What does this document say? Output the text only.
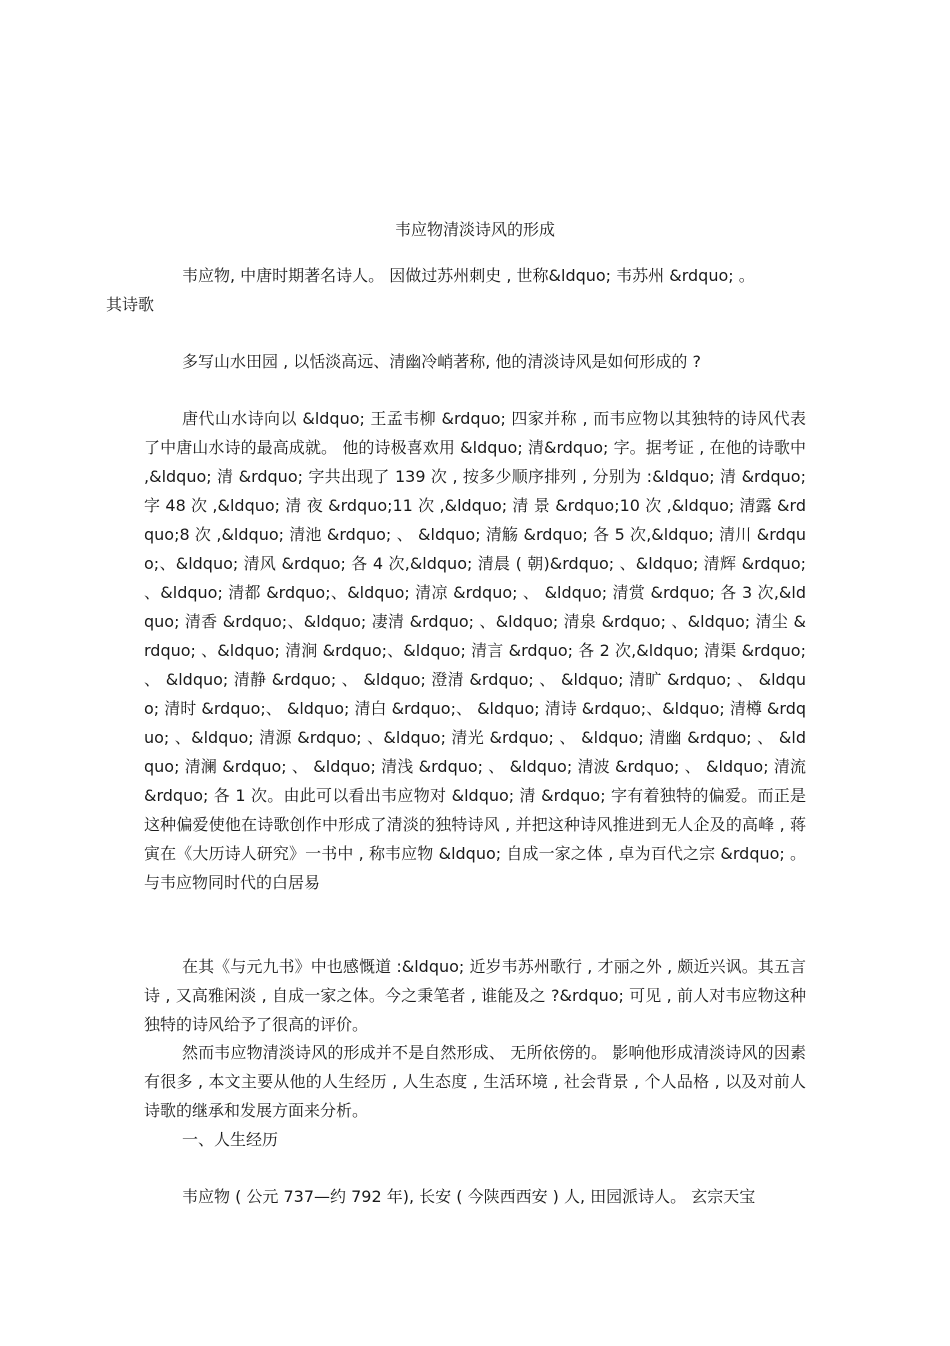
韦应物清淡诗风的形成
韦应物, 中唐时期著名诗人。 因做过苏州刺史 , 世称&ldquo; 韦苏州 &rdquo; 。
其诗歌
多写山水田园 , 以恬淡高远、清幽冷峭著称, 他的清淡诗风是如何形成的 ?
唐代山水诗向以 &ldquo; 王孟韦柳 &rdquo; 四家并称 , 而韦应物以其独特的诗风代表了中唐山水诗的最高成就。 他的诗极喜欢用 &ldquo; 清&rdquo; 字。据考证 , 在他的诗歌中 ,&ldquo; 清 &rdquo; 字共出现了 139 次 , 按多少顺序排列 , 分别为 :&ldquo; 清 &rdquo; 字 48 次 ,&ldquo; 清 夜 &rdquo;11 次 ,&ldquo; 清 景 &rdquo;10 次 ,&ldquo; 清露 &rdquo;8 次 ,&ldquo; 清池 &rdquo; 、 &ldquo; 清觞 &rdquo; 各 5 次,&ldquo; 清川 &rdquo;、&ldquo; 清风 &rdquo; 各 4 次,&ldquo; 清晨 ( 朝)&rdquo; 、&ldquo; 清辉 &rdquo; 、&ldquo; 清都 &rdquo;、&ldquo; 清凉 &rdquo; 、 &ldquo; 清赏 &rdquo; 各 3 次,&ldquo; 清香 &rdquo;、&ldquo; 凄清 &rdquo; 、&ldquo; 清泉 &rdquo; 、&ldquo; 清尘 &rdquo; 、&ldquo; 清涧 &rdquo;、&ldquo; 清言 &rdquo; 各 2 次,&ldquo; 清渠 &rdquo; 、 &ldquo; 清静 &rdquo; 、 &ldquo; 澄清 &rdquo; 、 &ldquo; 清旷 &rdquo; 、 &ldquo; 清时 &rdquo;、 &ldquo; 清白 &rdquo;、 &ldquo; 清诗 &rdquo;、&ldquo; 清樽 &rdquo; 、&ldquo; 清源 &rdquo; 、&ldquo; 清光 &rdquo; 、 &ldquo; 清幽 &rdquo; 、 &ldquo; 清澜 &rdquo; 、 &ldquo; 清浅 &rdquo; 、 &ldquo; 清波 &rdquo; 、 &ldquo; 清流 &rdquo; 各 1 次。由此可以看出韦应物对 &ldquo; 清 &rdquo; 字有着独特的偏爱。而正是这种偏爱使他在诗歌创作中形成了清淡的独特诗风 , 并把这种诗风推进到无人企及的高峰 , 蒋寅在《大历诗人研究》一书中 , 称韦应物 &ldquo; 自成一家之体 , 卓为百代之宗 &rdquo; 。与韦应物同时代的白居易
在其《与元九书》中也感慨道 :&ldquo; 近岁韦苏州歌行 , 才丽之外 , 颇近兴讽。其五言诗 , 又高雅闲淡 , 自成一家之体。今之秉笔者 , 谁能及之 ?&rdquo; 可见 , 前人对韦应物这种独特的诗风给予了很高的评价。
然而韦应物清淡诗风的形成并不是自然形成、 无所依傍的。 影响他形成清淡诗风的因素有很多 , 本文主要从他的人生经历 , 人生态度 , 生活环境 , 社会背景 , 个人品格 , 以及对前人诗歌的继承和发展方面来分析。
一、人生经历
韦应物 ( 公元 737—约 792 年), 长安 ( 今陕西西安 ) 人, 田园派诗人。 玄宗天宝
